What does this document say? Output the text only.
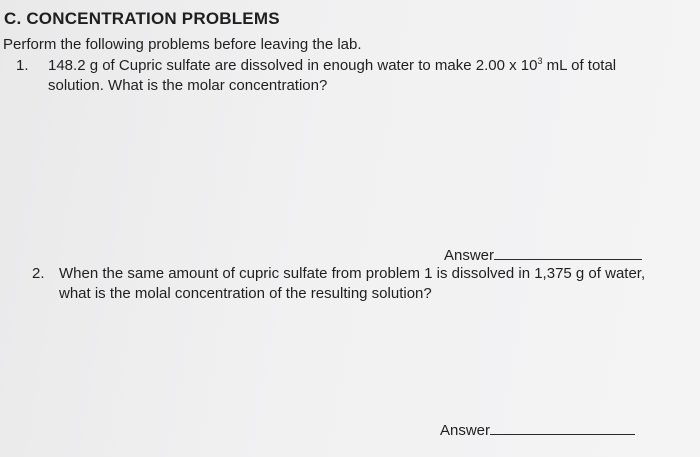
C. CONCENTRATION PROBLEMS
Perform the following problems before leaving the lab.
1. 148.2 g of Cupric sulfate are dissolved in enough water to make 2.00 x $10^3$ mL of total solution. What is the molar concentration?
Answer
2. When the same amount of cupric sulfate from problem 1 is dissolved in 1,375 g of water, what is the molal concentration of the resulting solution?
Answer
